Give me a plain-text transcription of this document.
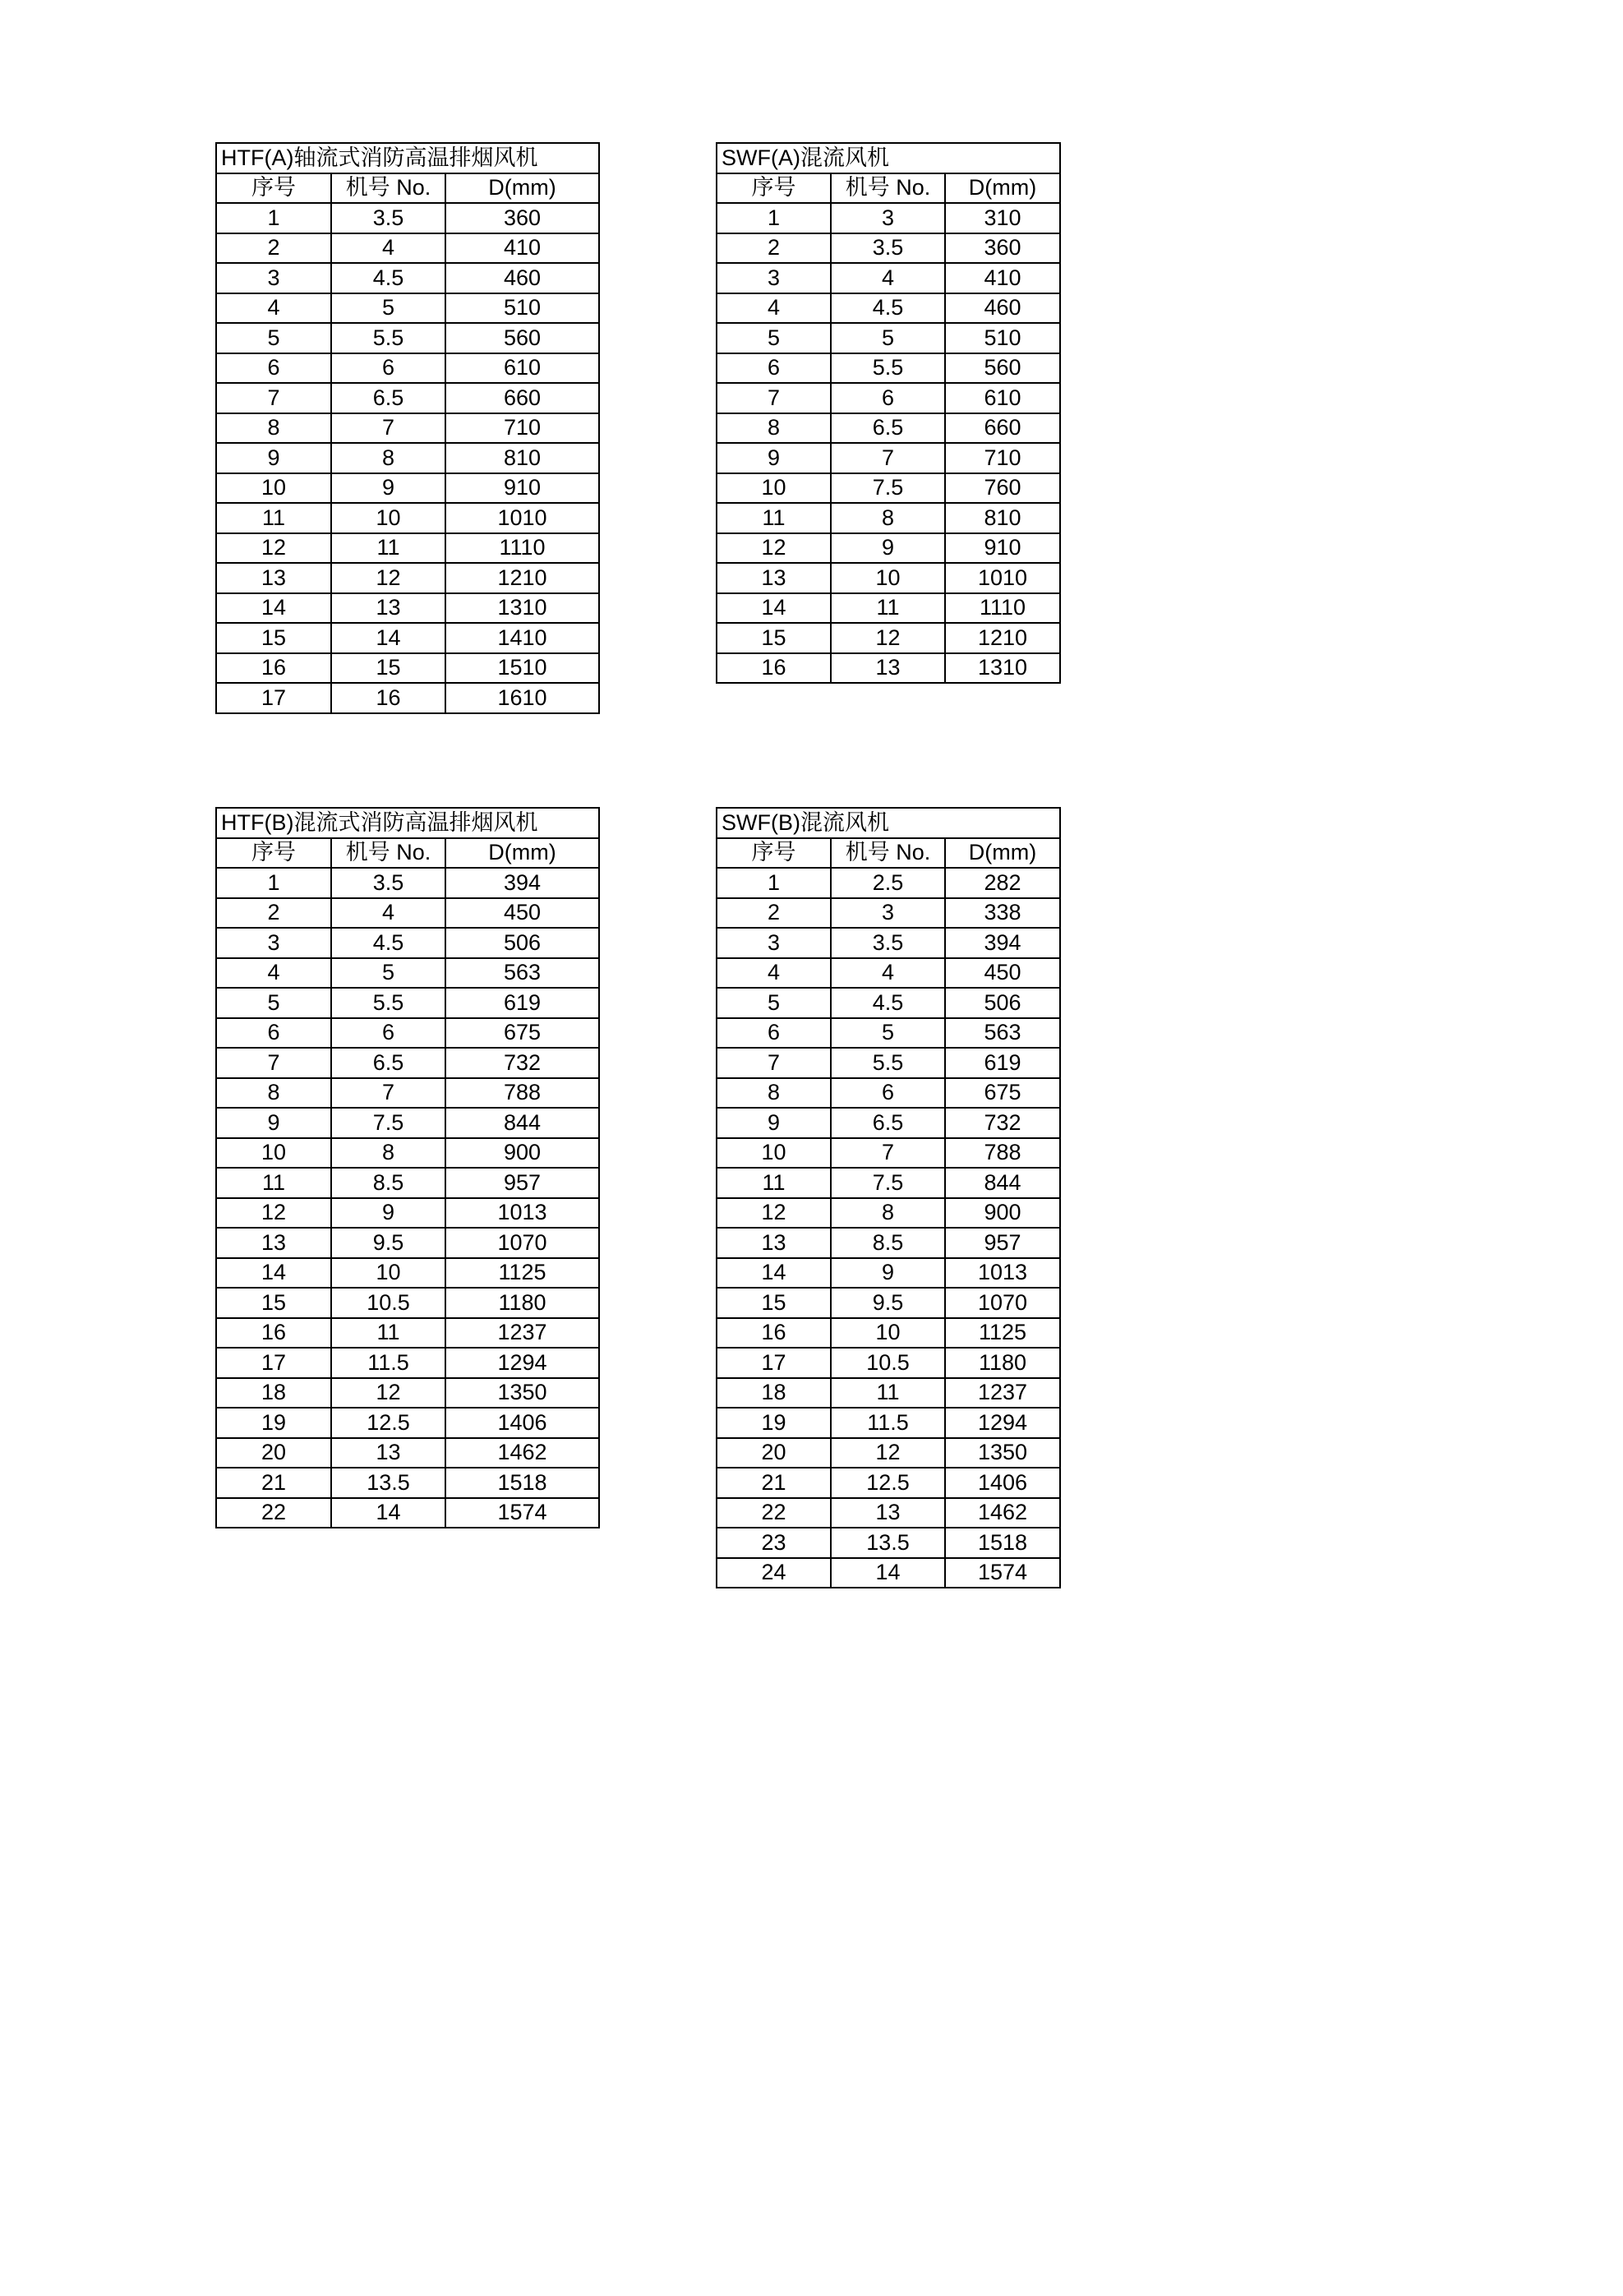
HTF(A)轴流式消防高温排烟风机		
序号	机号 No.	D(mm)
1	3.5	360
2	4	410
3	4.5	460
4	5	510
5	5.5	560
6	6	610
7	6.5	660
8	7	710
9	8	810
10	9	910
11	10	1010
12	11	1110
13	12	1210
14	13	1310
15	14	1410
16	15	1510
17	16	1610
SWF(A)混流风机		
序号	机号 No.	D(mm)
1	3	310
2	3.5	360
3	4	410
4	4.5	460
5	5	510
6	5.5	560
7	6	610
8	6.5	660
9	7	710
10	7.5	760
11	8	810
12	9	910
13	10	1010
14	11	1110
15	12	1210
16	13	1310
HTF(B)混流式消防高温排烟风机		
序号	机号 No.	D(mm)
1	3.5	394
2	4	450
3	4.5	506
4	5	563
5	5.5	619
6	6	675
7	6.5	732
8	7	788
9	7.5	844
10	8	900
11	8.5	957
12	9	1013
13	9.5	1070
14	10	1125
15	10.5	1180
16	11	1237
17	11.5	1294
18	12	1350
19	12.5	1406
20	13	1462
21	13.5	1518
22	14	1574
SWF(B)混流风机		
序号	机号 No.	D(mm)
1	2.5	282
2	3	338
3	3.5	394
4	4	450
5	4.5	506
6	5	563
7	5.5	619
8	6	675
9	6.5	732
10	7	788
11	7.5	844
12	8	900
13	8.5	957
14	9	1013
15	9.5	1070
16	10	1125
17	10.5	1180
18	11	1237
19	11.5	1294
20	12	1350
21	12.5	1406
22	13	1462
23	13.5	1518
24	14	1574
